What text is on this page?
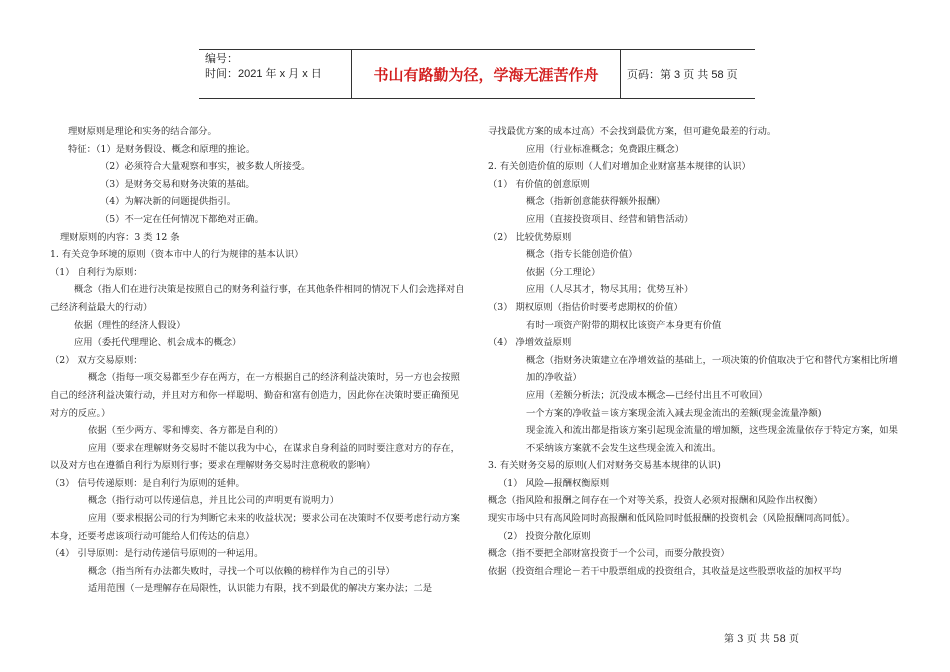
编号：
时间：2021 年 x 月 x 日	书山有路勤为径，学海无涯苦作舟	页码：第 3 页 共 58 页
理财原则是理论和实务的结合部分。
特征：（1）是财务假设、概念和原理的推论。
（2）必须符合大量观察和事实，被多数人所接受。
（3）是财务交易和财务决策的基础。
（4）为解决新的问题提供指引。
（5）不一定在任何情况下都绝对正确。
理财原则的内容：3 类 12 条
1. 有关竞争环境的原则（资本市中人的行为规律的基本认识）
（1） 自利行为原则：
概念（指人们在进行决策是按照自己的财务利益行事，在其他条件相同的情况下人们会选择对自己经济利益最大的行动）
依据（理性的经济人假设）
应用（委托代理理论、机会成本的概念）
（2） 双方交易原则：
概念（指每一项交易都至少存在两方，在一方根据自己的经济利益决策时，另一方也会按照自己的经济利益决策行动，并且对方和你一样聪明、勤奋和富有创造力，因此你在决策时要正确预见对方的反应。）
依据（至少两方、零和博奕、各方都是自利的）
应用（要求在理解财务交易时不能以我为中心，在谋求自身利益的同时要注意对方的存在，以及对方也在遵循自利行为原则行事；要求在理解财务交易时注意税收的影响）
（3） 信号传递原则：是自利行为原则的延伸。
概念（指行动可以传递信息，并且比公司的声明更有说明力）
应用（要求根据公司的行为判断它未来的收益状况；要求公司在决策时不仅要考虑行动方案本身，还要考虑该项行动可能给人们传达的信息）
（4） 引导原则：是行动传递信号原则的一种运用。
概念（指当所有办法都失败时，寻找一个可以依赖的榜样作为自己的引导）
适用范围（一是理解存在局限性，认识能力有限，找不到最优的解决方案办法；二是
寻找最优方案的成本过高）不会找到最优方案，但可避免最差的行动。
应用（行业标准概念；免费跟庄概念）
2. 有关创造价值的原则（人们对增加企业财富基本规律的认识）
（1） 有价值的创意原则
概念（指新创意能获得额外报酬）
应用（直接投资项目、经营和销售活动）
（2） 比较优势原则
概念（指专长能创造价值）
依据（分工理论）
应用（人尽其才，物尽其用；优势互补）
（3） 期权原则（指估价时要考虑期权的价值）
有时一项资产附带的期权比该资产本身更有价值
（4） 净增效益原则
概念（指财务决策建立在净增效益的基础上，一项决策的价值取决于它和替代方案相比所增加的净收益）
应用（差额分析法；沉没成本概念—已经付出且不可收回）
一个方案的净收益＝该方案现金流入减去现金流出的差额(现金流量净额)
现金流入和流出都是指该方案引起现金流量的增加额，这些现金流量依存于特定方案，如果不采纳该方案就不会发生这些现金流入和流出。
3. 有关财务交易的原则(人们对财务交易基本规律的认识)
（1） 风险—报酬权衡原则
概念（指风险和报酬之间存在一个对等关系，投资人必须对报酬和风险作出权衡）
现实市场中只有高风险同时高报酬和低风险同时低报酬的投资机会（风险报酬同高同低）。
（2） 投资分散化原则
概念（指不要把全部财富投资于一个公司，而要分散投资）
依据（投资组合理论－若干中股票组成的投资组合，其收益是这些股票收益的加权平均
第 3 页 共 58 页
